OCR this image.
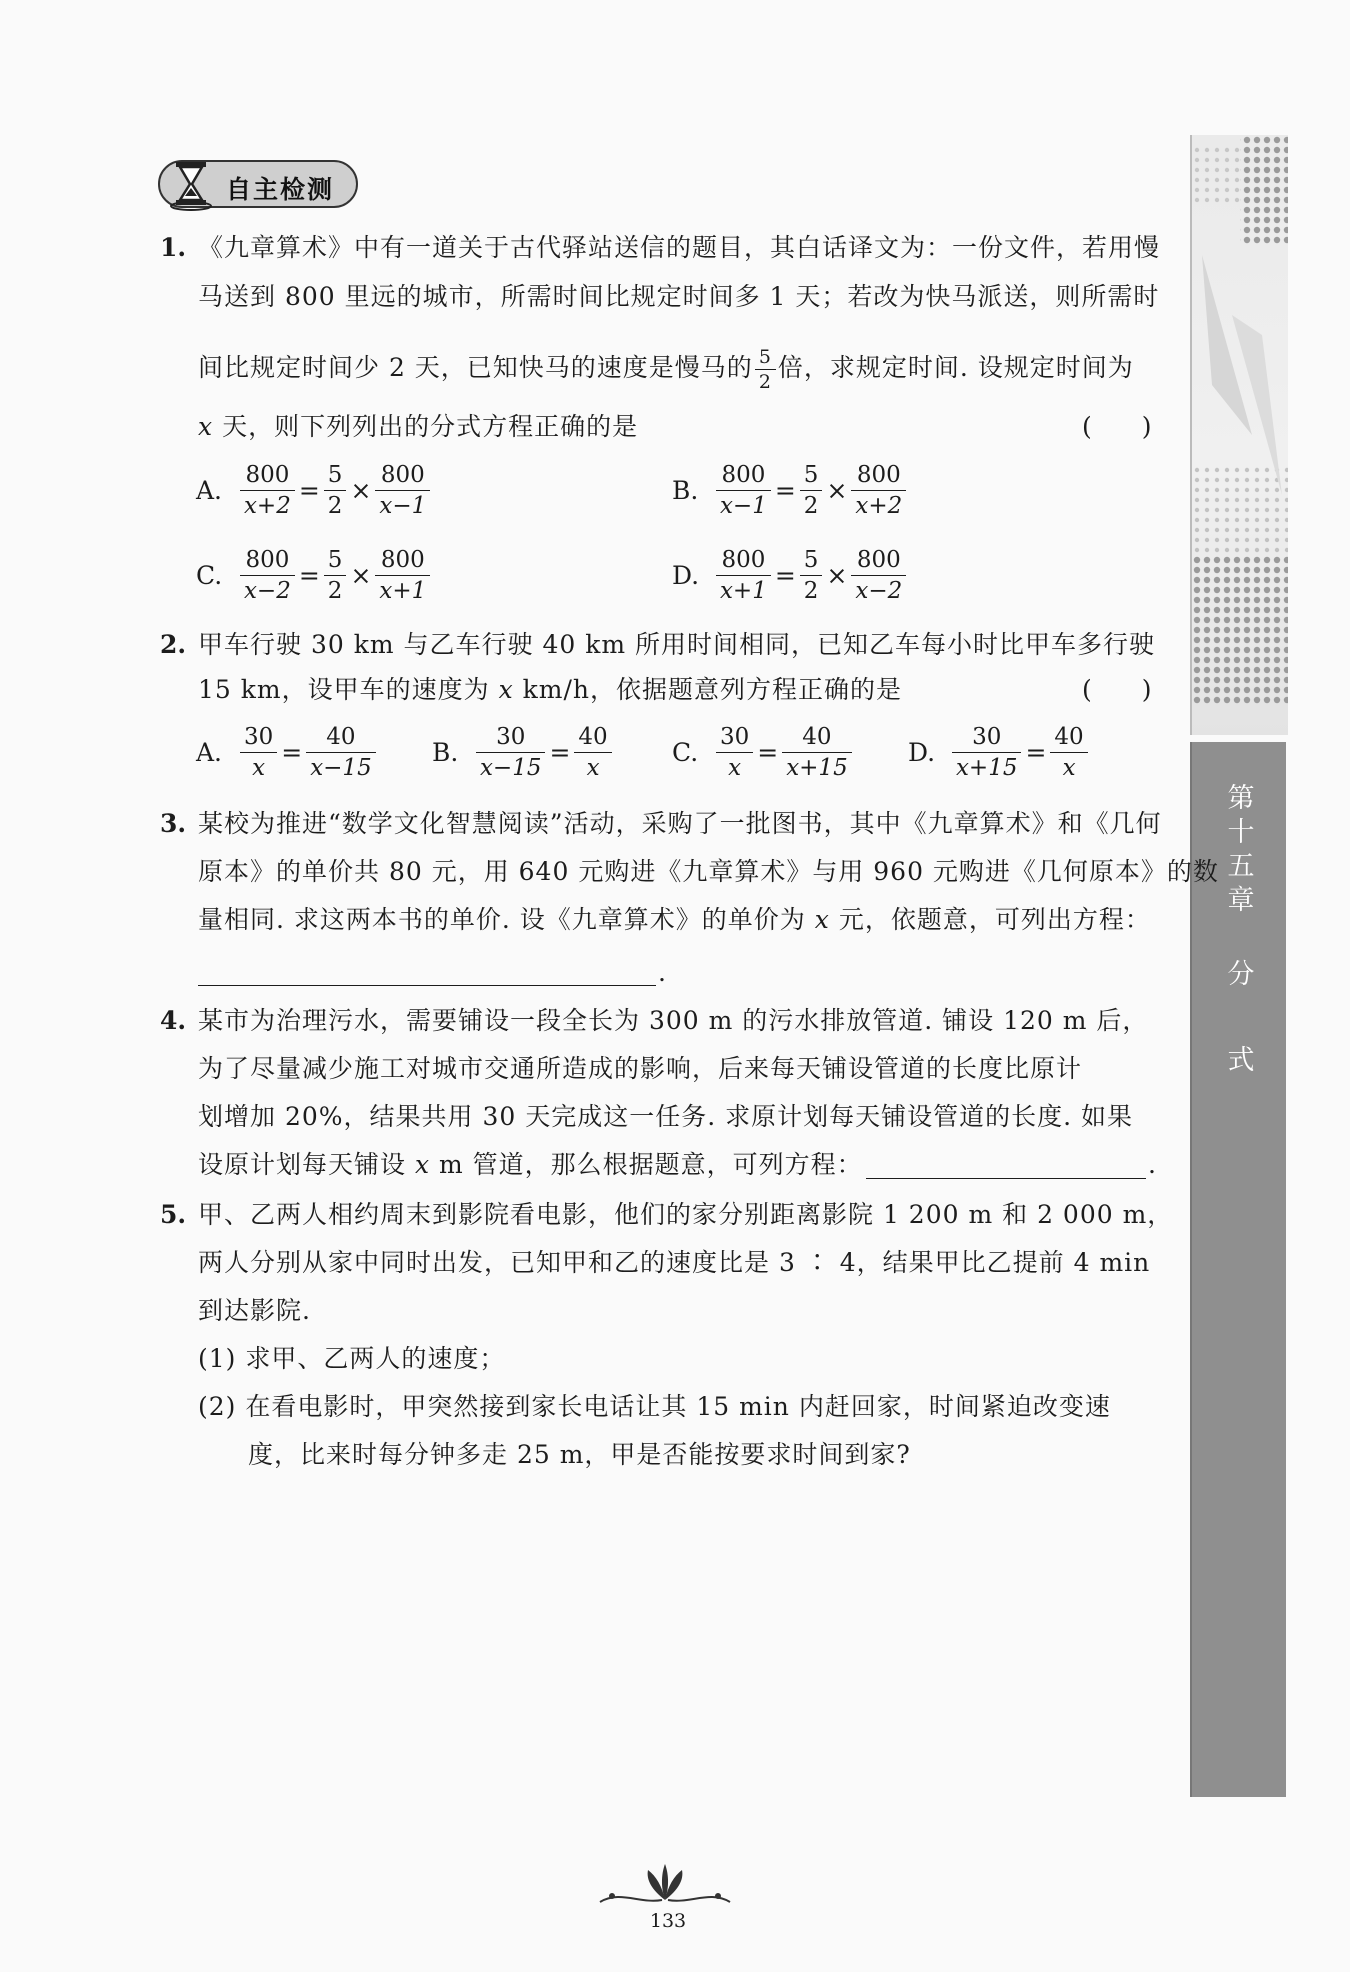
自主检测
第十五章
分式
1. 《九章算术》中有一道关于古代驿站送信的题目，其白话译文为：一份文件，若用慢
马送到 800 里远的城市，所需时间比规定时间多 1 天；若改为快马派送，则所需时
间比规定时间少 2 天，已知快马的速度是慢马的 $\frac{5}{2}$ 倍，求规定时间. 设规定时间为
x 天，则下列列出的分式方程正确的是	(　　)
A. $\frac{800}{x+2} = \frac{5}{2} \times \frac{800}{x-1}$	B. $\frac{800}{x-1} = \frac{5}{2} \times \frac{800}{x+2}$
C. $\frac{800}{x-2} = \frac{5}{2} \times \frac{800}{x+1}$	D. $\frac{800}{x+1} = \frac{5}{2} \times \frac{800}{x-2}$
2. 甲车行驶 30 km 与乙车行驶 40 km 所用时间相同，已知乙车每小时比甲车多行驶
15 km，设甲车的速度为 x km/h，依据题意列方程正确的是	(　　)
A. $\frac{30}{x} = \frac{40}{x-15} B$. $\frac{30}{x-15} = \frac{40}{x} C$. $\frac{30}{x} = \frac{40}{x+15} D$. $\frac{30}{x+15} = \frac{40}{x}$
3. 某校为推进“数学文化智慧阅读”活动，采购了一批图书，其中《九章算术》和《几何
原本》的单价共 80 元，用 640 元购进《九章算术》与用 960 元购进《几何原本》的数
量相同. 求这两本书的单价. 设《九章算术》的单价为 x 元，依题意，可列出方程：
.
4. 某市为治理污水，需要铺设一段全长为 300 m 的污水排放管道. 铺设 120 m 后，
为了尽量减少施工对城市交通所造成的影响，后来每天铺设管道的长度比原计
划增加 20%，结果共用 30 天完成这一任务. 求原计划每天铺设管道的长度. 如果
设原计划每天铺设 x m 管道，那么根据题意，可列方程：	.
5. 甲、乙两人相约周末到影院看电影，他们的家分别距离影院 1 200 m 和 2 000 m，
两人分别从家中同时出发，已知甲和乙的速度比是 3 ∶ 4，结果甲比乙提前 4 min
到达影院.
(1) 求甲、乙两人的速度；
(2) 在看电影时，甲突然接到家长电话让其 15 min 内赶回家，时间紧迫改变速
度，比来时每分钟多走 25 m，甲是否能按要求时间到家?
133
